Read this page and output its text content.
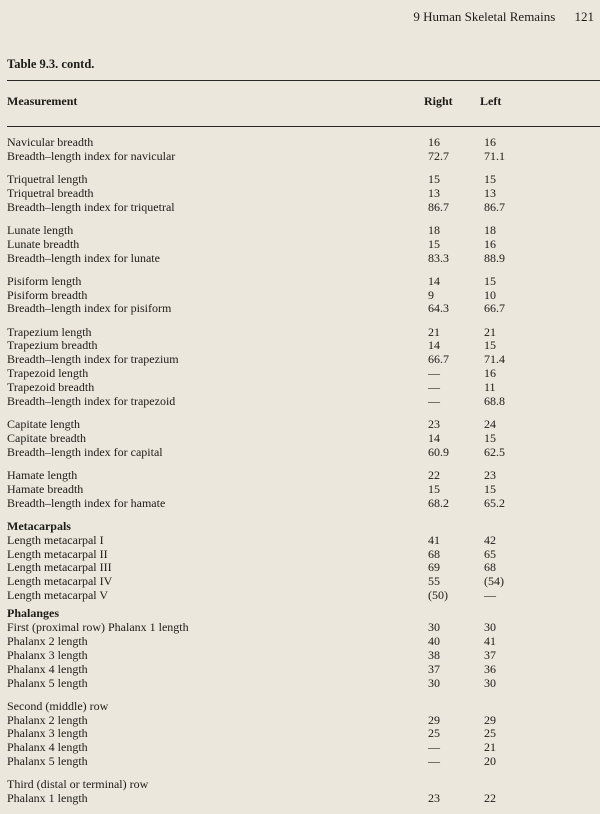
9 Human Skeletal Remains 121
Table 9.3. contd.
Measurement	Right Left
Navicular breadth	16	16
Breadth–length index for navicular	72.7	71.1
Triquetral length	15	15
Triquetral breadth	13	13
Breadth–length index for triquetral	86.7	86.7
Lunate length	18	18
Lunate breadth	15	16
Breadth–length index for lunate	83.3	88.9
Pisiform length	14	15
Pisiform breadth	9	10
Breadth–length index for pisiform	64.3	66.7
Trapezium length	21	21
Trapezium breadth	14	15
Breadth–length index for trapezium	66.7	71.4
Trapezoid length	—	16
Trapezoid breadth	—	11
Breadth–length index for trapezoid	—	68.8
Capitate length	23	24
Capitate breadth	14	15
Breadth–length index for capital	60.9	62.5
Hamate length	22	23
Hamate breadth	15	15
Breadth–length index for hamate	68.2	65.2
Metacarpals
Length metacarpal I	41	42
Length metacarpal II	68	65
Length metacarpal III	69	68
Length metacarpal IV	55	(54)
Length metacarpal V	(50)	—
Phalanges
First (proximal row) Phalanx 1 length	30	30
Phalanx 2 length	40	41
Phalanx 3 length	38	37
Phalanx 4 length	37	36
Phalanx 5 length	30	30
Second (middle) row
Phalanx 2 length	29	29
Phalanx 3 length	25	25
Phalanx 4 length	—	21
Phalanx 5 length	—	20
Third (distal or terminal) row
Phalanx 1 length	23	22
